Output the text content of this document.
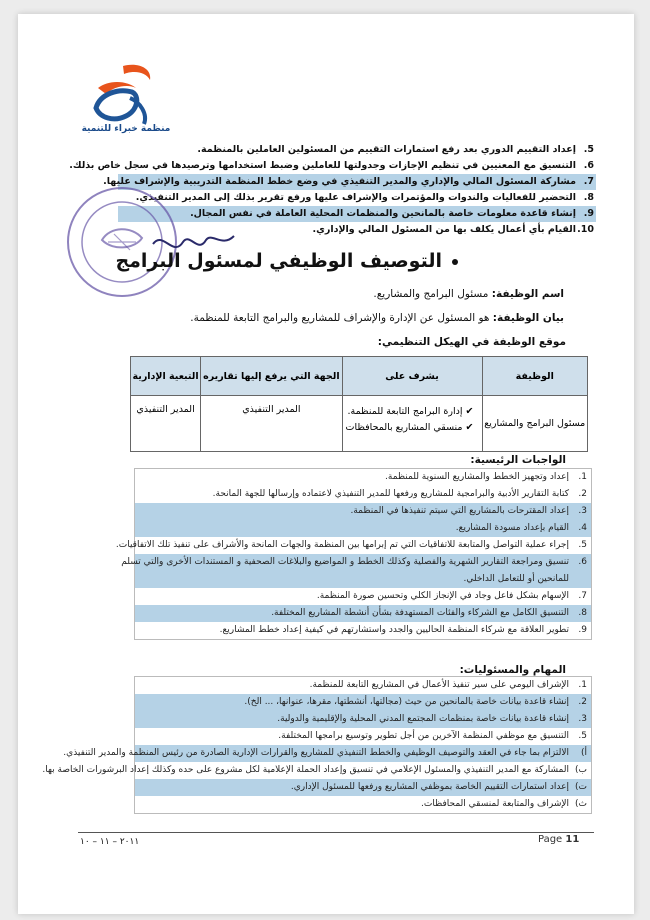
منظمة خبراء للتنمية
5.
إعداد التقييم الدوري بعد رفع استمارات التقييم من المسئولين العاملين بالمنظمة.
6.
التنسيق مع المعنيين في تنظيم الإجازات وجدولتها للعاملين وضبط استخدامها وترصيدها في سجل خاص بذلك.
7.
مشاركة المسئول المالي والإداري والمدير التنفيذي في وضع خطط المنظمة التدريبية والإشراف عليها.
8.
التحضير للفعاليات والندوات والمؤتمرات والإشراف عليها ورفع تقرير بذلك إلى المدير التنفيذي.
9.
إنشاء قاعدة معلومات خاصة بالمانحين والمنظمات المحلية العاملة في نفس المجال.
10.
القيام بأي أعمال يكلف بها من المسئول المالي والإداري.
التوصيف الوظيفي لمسئول البرامج
اسم الوظيفة: مسئول البرامج والمشاريع.
بيان الوظيفة: هو المسئول عن الإدارة والإشراف للمشاريع والبرامج التابعة للمنظمة.
موقع الوظيفة في الهيكل التنظيمي:
الوظيفة	يشرف على	الجهة التي يرفع إليها تقاريره	التبعية الإدارية
مسئول البرامج والمشاريع	✔ إدارة البرامج التابعة للمنظمة.
✔ منسقي المشاريع بالمحافظات	المدير التنفيذي	المدير التنفيذي
الواجبات الرئيسية:
1.
إعداد وتجهيز الخطط والمشاريع السنوية للمنظمة.
2.
كتابة التقارير الأدبية والبرامجية للمشاريع ورفعها للمدير التنفيذي لاعتماده وإرسالها للجهة المانحة.
3.
إعداد المقترحات بالمشاريع التي سيتم تنفيذها في المنظمة.
4.
القيام بإعداد مسودة المشاريع.
5.
إجراء عملية التواصل والمتابعة للاتفاقيات التي تم إبرامها بين المنظمة والجهات المانحة والأشراف على تنفيذ تلك الاتفاقيات.
6.
تنسيق ومراجعة التقارير الشهرية والفصلية وكذلك الخطط و المواضيع والبلاغات الصحفية و المستندات الأخرى والتي تسلم
للمانحين أو للتعامل الداخلي.
7.
الإسهام بشكل فاعل وجاد في الإنجاز الكلي وتحسين صورة المنظمة.
8.
التنسيق الكامل مع الشركاء والفئات المستهدفة بشأن أنشطة المشاريع المختلفة.
9.
تطوير العلاقة مع شركاء المنظمة الحاليين والجدد واستشارتهم في كيفية إعداد خطط المشاريع.
المهام والمسئوليات:
1.
الإشراف اليومي على سير تنفيذ الأعمال في المشاريع التابعة للمنظمة.
2.
إنشاء قاعدة بيانات خاصة بالمانحين من حيث (مجالتها، أنشطتها، مقرها، عنوانها، ... الخ).
3.
إنشاء قاعدة بيانات خاصة بمنظمات المجتمع المدني المحلية والإقليمية والدولية.
5.
التنسيق مع موظفي المنظمة الآخرين من أجل تطوير وتوسيع برامجها المختلفة.
أ)
الالتزام بما جاء في العقد والتوصيف الوظيفي والخطط التنفيذي للمشاريع والقرارات الإدارية الصادرة من رئيس المنظمة والمدير التنفيذي.
ب)
المشاركة مع المدير التنفيذي والمسئول الإعلامي في تنسيق وإعداد الحملة الإعلامية لكل مشروع على حده وكذلك إعداد البرشورات الخاصة بها.
ت)
إعداد استمارات التقييم الخاصة بموظفي المشاريع ورفعها للمسئول الإداري.
ث)
الإشراف والمتابعة لمنسقي المحافظات.
Page 11
٢٠١١ – ١١ – ١٠
